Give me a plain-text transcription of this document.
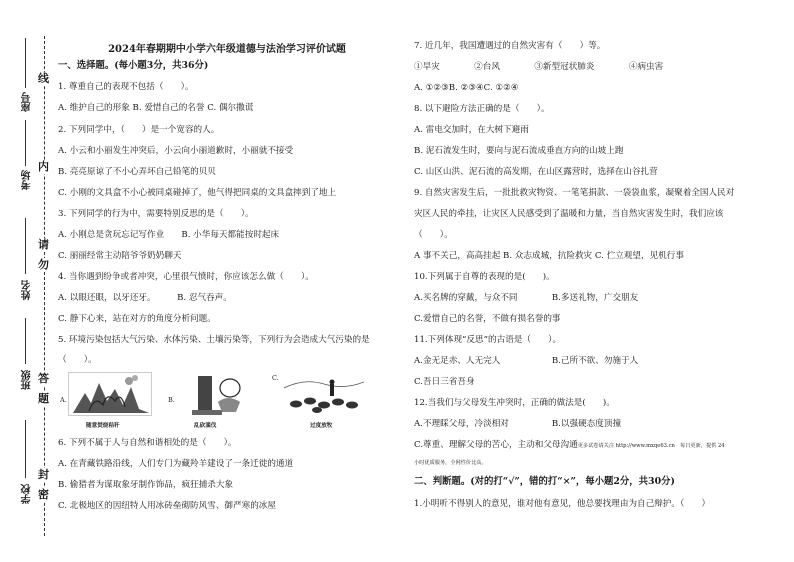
座号
考场
姓名
班级
学校
线
内
请
勿
答
题
封
密
2024年春期期中小学六年级道德与法治学习评价试题
一、选择题。(每小题3分，共36分)
1. 尊重自己的表现不包括（　　）。
A. 维护自己的形象 B. 爱惜自己的名誉 C. 偶尔撒谎
2. 下列同学中，（　　）是一个宽容的人。
A. 小云和小丽发生冲突后，小云向小丽道歉时，小丽就不接受
B. 亮亮原谅了不小心弄坏自己铅笔的贝贝
C. 小刚的文具盒不小心被同桌碰掉了，他气得把同桌的文具盒摔到了地上
3. 下列同学的行为中，需要特别反思的是（　　）。
A. 小刚总是贪玩忘记写作业　　B. 小华每天都能按时起床
C. 丽丽经常主动陪爷爷奶奶聊天
4. 当你遇到纷争或者冲突，心里很气愤时，你应该怎么做（　　）。
A. 以眼还眼，以牙还牙。　　　B. 忍气吞声。
C. 静下心来，站在对方的角度分析问题。
5. 环境污染包括大气污染、水体污染、土壤污染等，下列行为会造成大气污染的是
（　　）。
A.
随意焚烧秸秆
B.
乱砍滥伐
C.
过度放牧
6. 下列不属于人与自然和谐相处的是（　　）。
A. 在青藏铁路沿线，人们专门为藏羚羊建设了一条迁徙的通道
B. 偷猎者为谋取象牙制作饰品，疯狂捕杀大象
C. 北极地区的因纽特人用冰砖垒砌防风雪、御严寒的冰屋
7. 近几年，我国遭遇过的自然灾害有（　　）等。
①旱灾　　　　②台风　　　　③新型冠状肺炎　　　　④病虫害
A. ①②③B. ②③④C. ①②④
8. 以下避险方法正确的是（　　）。
A. 雷电交加时，在大树下避雨
B. 泥石流发生时，要向与泥石流成垂直方向的山坡上跑
C. 山区山洪、泥石流的高发期，在山区露营时，选择在山谷扎营
9. 自然灾害发生后，一批批救灾物资、一笔笔捐款、一袋袋血浆，凝聚着全国人民对
灾区人民的牵挂，让灾区人民感受到了温暖和力量，当自然灾害发生时，我们应该
（　　）。
A 事不关己，高高挂起 B. 众志成城，抗险救灾 C. 伫立观望，见机行事
10.下列属于自尊的表现的是(　　)。
A.买名牌的穿戴，与众不同　　　　B.多送礼物，广交朋友
C.爱惜自己的名誉，不做有损名誉的事
11.下列体现“反思”的古语是（　　）。
A.金无足赤、人无完人　　　　　　B.己所不欲、勿施于人
C.吾日三省吾身
12.当我们与父母发生冲突时，正确的做法是(　　)。
A.不理睬父母，冷淡相对　　　　　B.以强硬态度顶撞
C.尊重、理解父母的苦心，主动和父母沟通更多试卷请关注 http://www.mxqe63.cn　每日更新，提供 24
小时优质服务，全网性价比高。
二、判断题。(对的打“√”，错的打“×”，每小题2分，共30分)
1.小明听不得别人的意见，谁对他有意见，他总要找理由为自己辩护。（　　）
